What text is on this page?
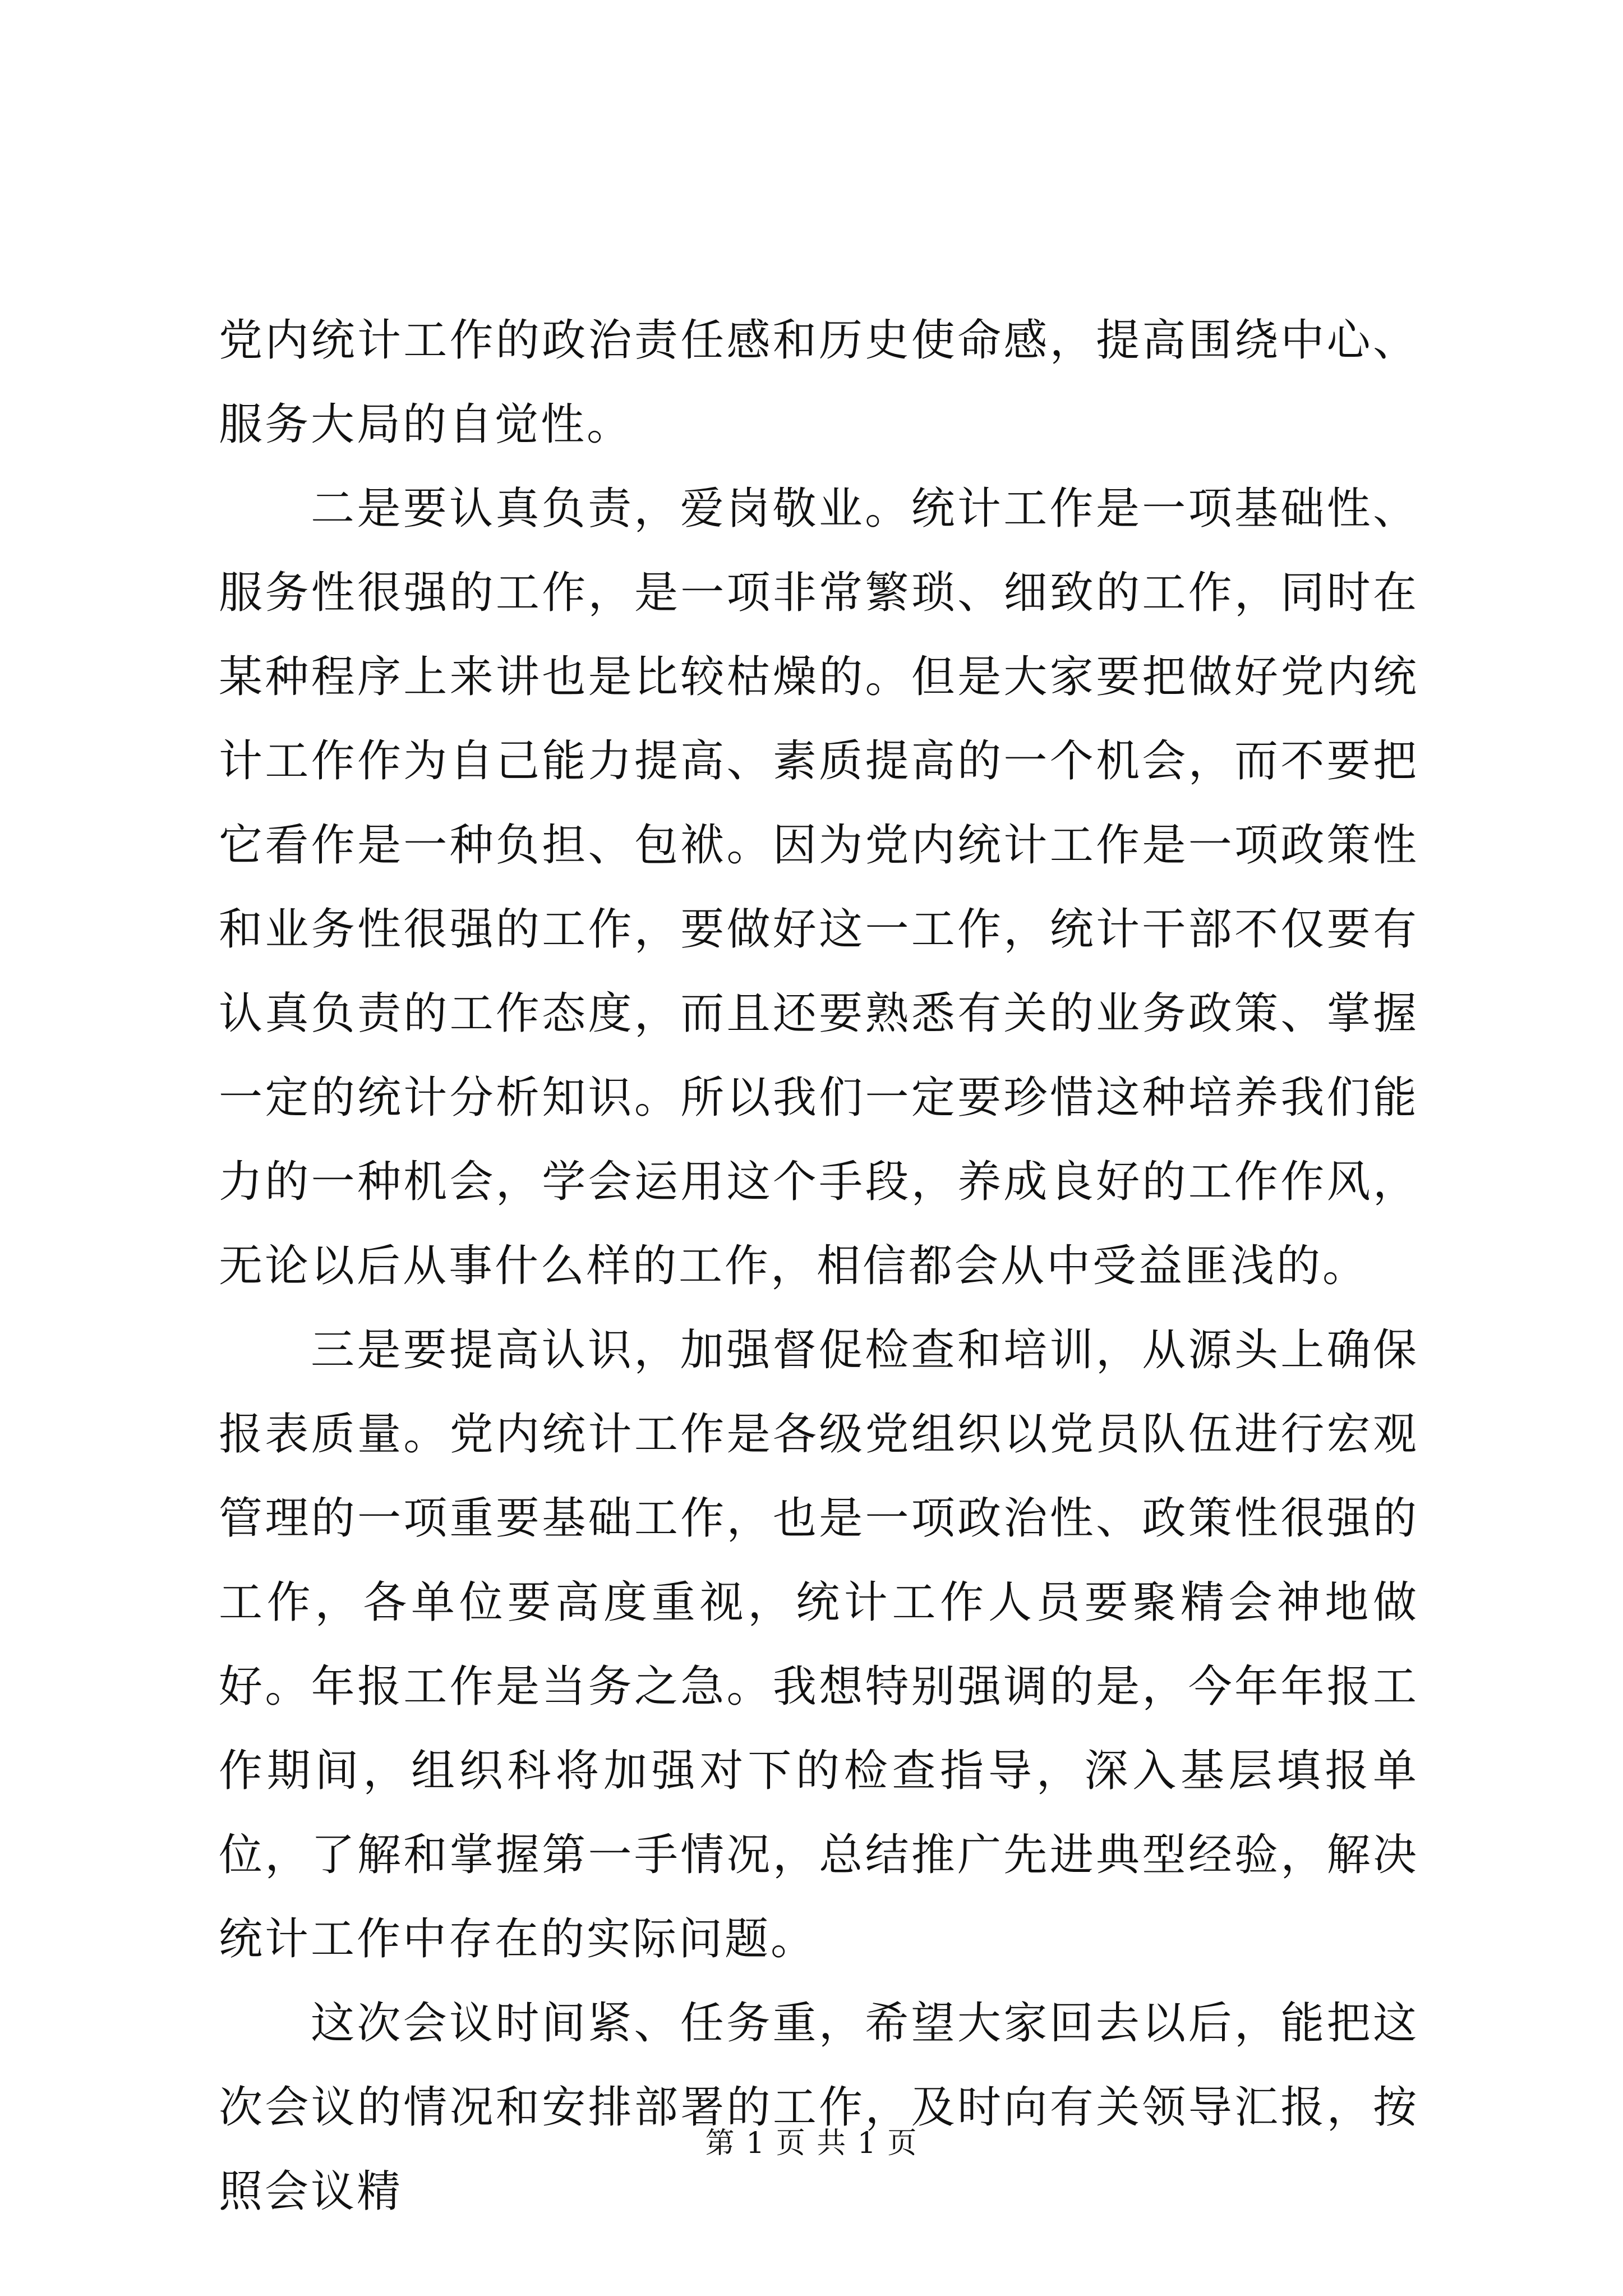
党内统计工作的政治责任感和历史使命感，提高围绕中心、服务大局的自觉性。

二是要认真负责，爱岗敬业。统计工作是一项基础性、服务性很强的工作，是一项非常繁琐、细致的工作，同时在某种程序上来讲也是比较枯燥的。但是大家要把做好党内统计工作作为自己能力提高、素质提高的一个机会，而不要把它看作是一种负担、包袱。因为党内统计工作是一项政策性和业务性很强的工作，要做好这一工作，统计干部不仅要有认真负责的工作态度，而且还要熟悉有关的业务政策、掌握一定的统计分析知识。所以我们一定要珍惜这种培养我们能力的一种机会，学会运用这个手段，养成良好的工作作风，无论以后从事什么样的工作，相信都会从中受益匪浅的。

三是要提高认识，加强督促检查和培训，从源头上确保报表质量。党内统计工作是各级党组织以党员队伍进行宏观管理的一项重要基础工作，也是一项政治性、政策性很强的工作，各单位要高度重视，统计工作人员要聚精会神地做好。年报工作是当务之急。我想特别强调的是，今年年报工作期间，组织科将加强对下的检查指导，深入基层填报单位，了解和掌握第一手情况，总结推广先进典型经验，解决统计工作中存在的实际问题。

这次会议时间紧、任务重，希望大家回去以后，能把这次会议的情况和安排部署的工作，及时向有关领导汇报，按照会议精

第 1 页 共 1 页
